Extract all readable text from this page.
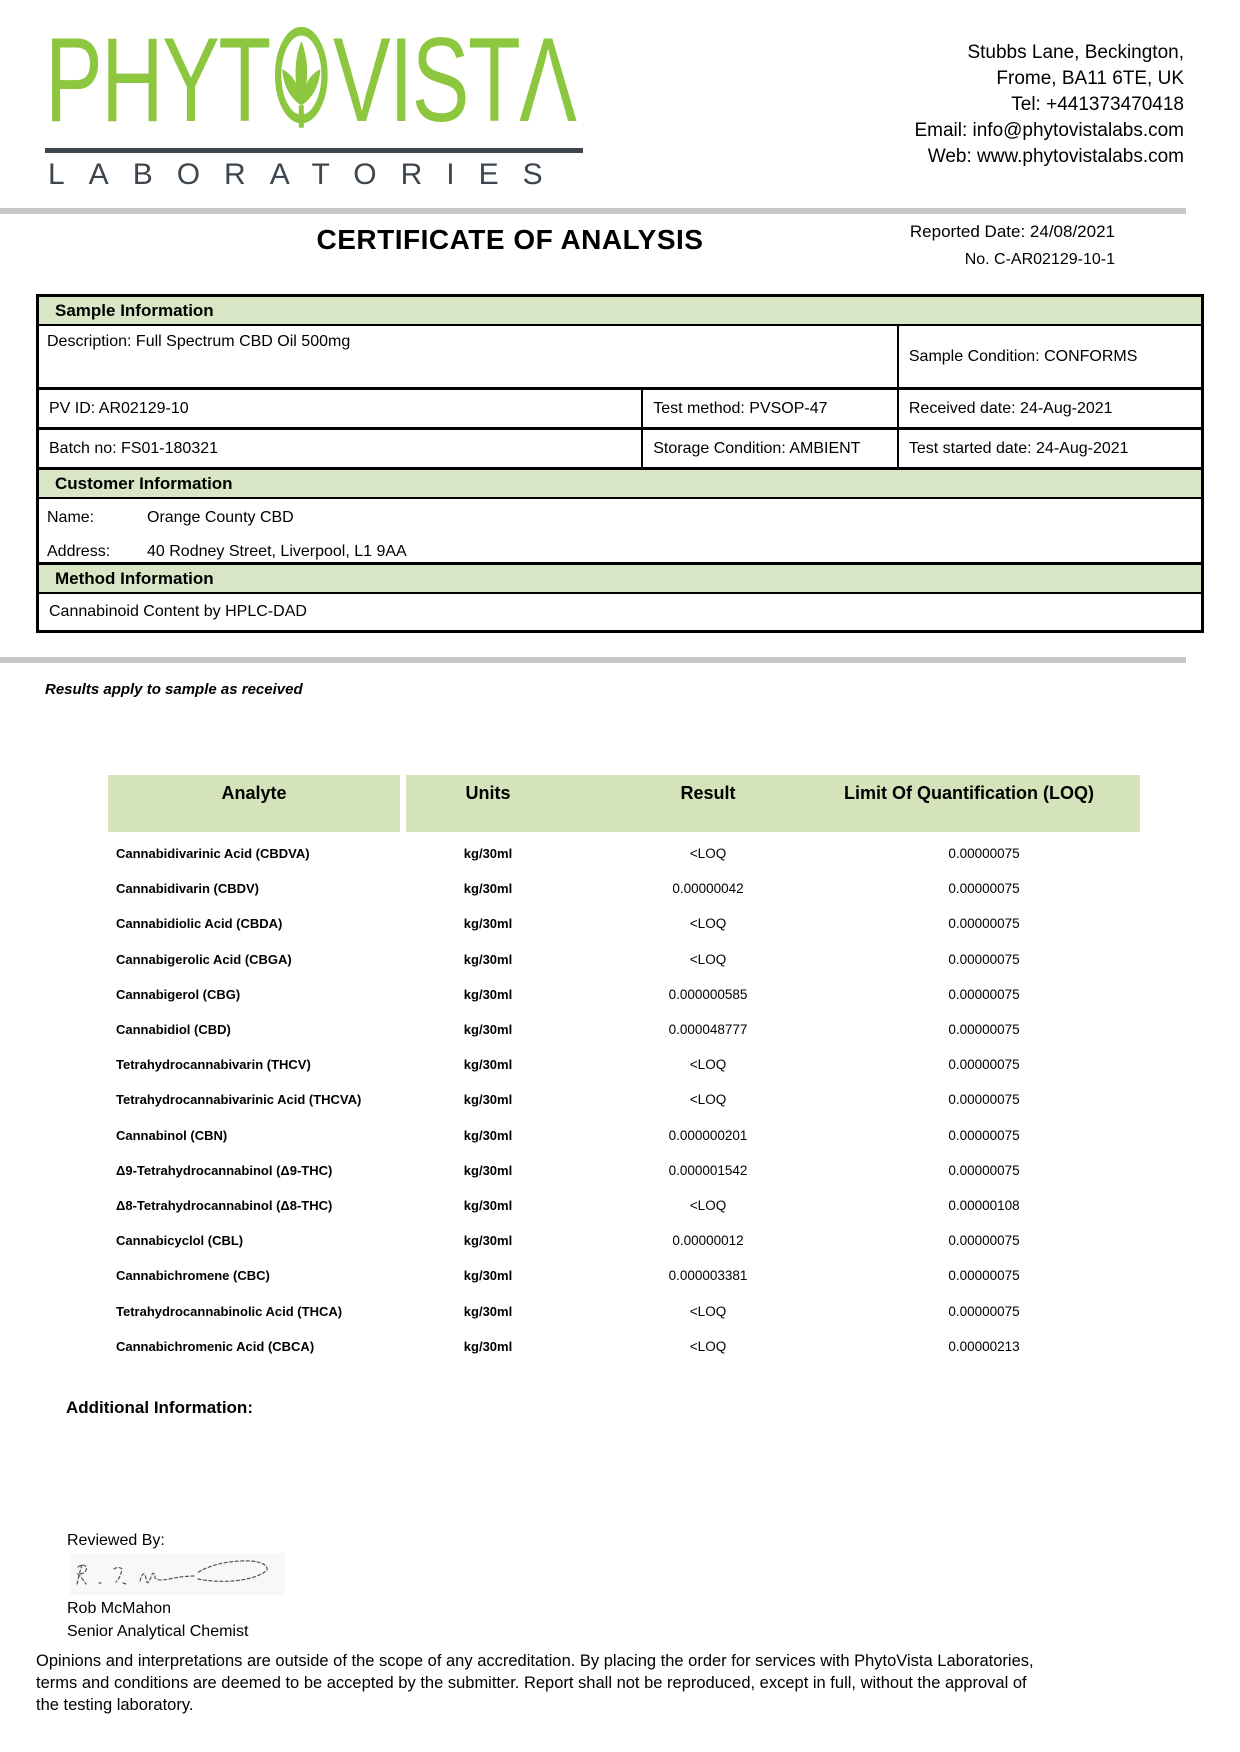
PHYT VISTΛ
LABORATORIES
Stubbs Lane, Beckington,
Frome, BA11 6TE, UK
Tel: +441373470418
Email: info@phytovistalabs.com
Web: www.phytovistalabs.com
Reported Date: 24/08/2021
No. C-AR02129-10-1
CERTIFICATE OF ANALYSIS
Sample Information
Description: Full Spectrum CBD Oil 500mg
Sample Condition: CONFORMS
PV ID: AR02129-10	Test method: PVSOP-47	Received date: 24-Aug-2021
Batch no: FS01-180321	Storage Condition: AMBIENT	Test started date: 24-Aug-2021
Customer Information
Name:	Orange County CBD
Address: 40 Rodney Street, Liverpool, L1 9AA
Method Information
Cannabinoid Content by HPLC-DAD
Results apply to sample as received
Analyte	Units	Result	Limit Of Quantification (LOQ)
Cannabidivarinic Acid (CBDVA)	kg/30ml	<LOQ	0.00000075
Cannabidivarin (CBDV)	kg/30ml	0.00000042	0.00000075
Cannabidiolic Acid (CBDA)	kg/30ml	<LOQ	0.00000075
Cannabigerolic Acid (CBGA)	kg/30ml	<LOQ	0.00000075
Cannabigerol (CBG)	kg/30ml	0.000000585	0.00000075
Cannabidiol (CBD)	kg/30ml	0.000048777	0.00000075
Tetrahydrocannabivarin (THCV)	kg/30ml	<LOQ	0.00000075
Tetrahydrocannabivarinic Acid (THCVA)	kg/30ml	<LOQ	0.00000075
Cannabinol (CBN)	kg/30ml	0.000000201	0.00000075
Δ9-Tetrahydrocannabinol (Δ9-THC)	kg/30ml	0.000001542	0.00000075
Δ8-Tetrahydrocannabinol (Δ8-THC)	kg/30ml	<LOQ	0.00000108
Cannabicyclol (CBL)	kg/30ml	0.00000012	0.00000075
Cannabichromene (CBC)	kg/30ml	0.000003381	0.00000075
Tetrahydrocannabinolic Acid (THCA)	kg/30ml	<LOQ	0.00000075
Cannabichromenic Acid (CBCA)	kg/30ml	<LOQ	0.00000213
Additional Information:
Reviewed By:
Rob McMahon
Senior Analytical Chemist
Opinions and interpretations are outside of the scope of any accreditation. By placing the order for services with PhytoVista Laboratories,
terms and conditions are deemed to be accepted by the submitter. Report shall not be reproduced, except in full, without the approval of
the testing laboratory.
